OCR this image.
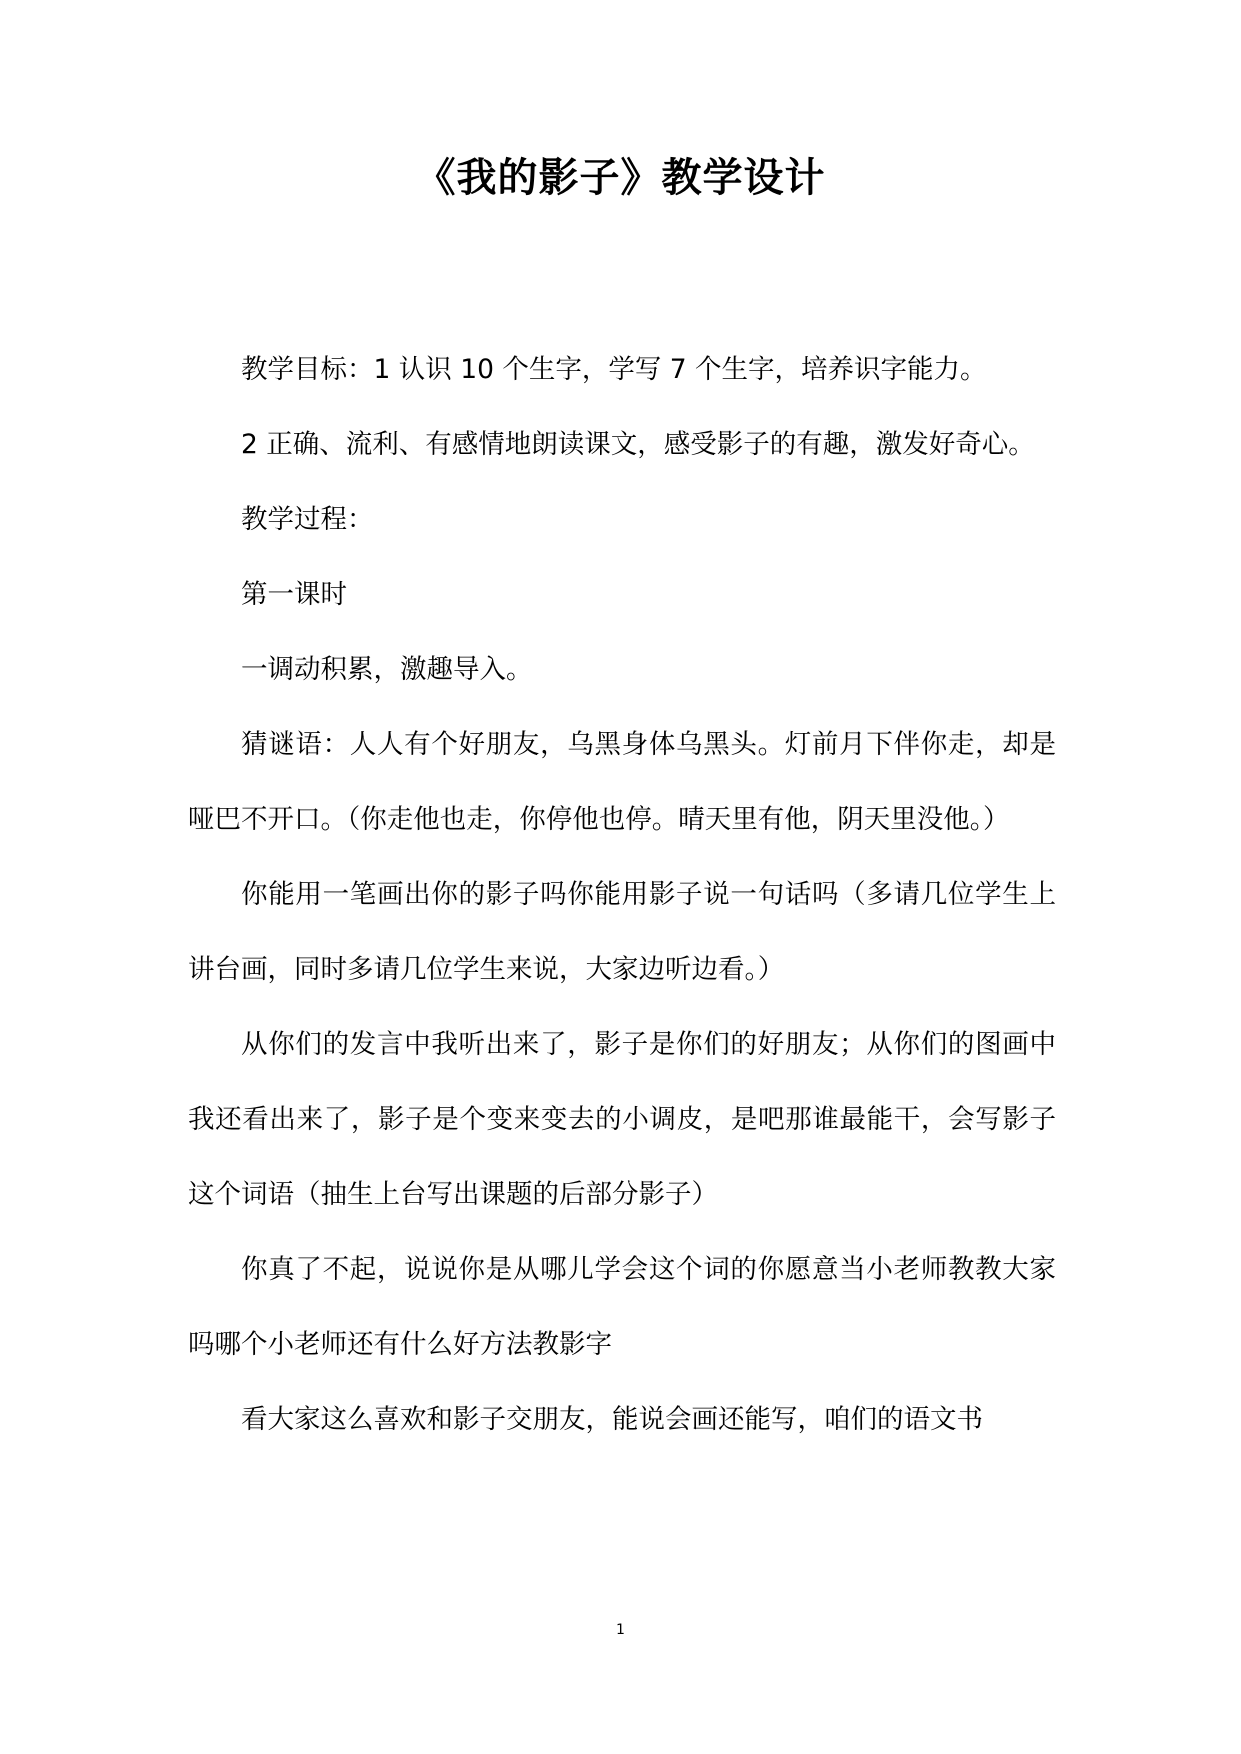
《我的影子》教学设计

教学目标：1 认识 10 个生字，学写 7 个生字，培养识字能力。

2 正确、流利、有感情地朗读课文，感受影子的有趣，激发好奇心。

教学过程：

第一课时

一调动积累，激趣导入。

猜谜语：人人有个好朋友，乌黑身体乌黑头。灯前月下伴你走，却是哑巴不开口。（你走他也走，你停他也停。晴天里有他，阴天里没他。）

你能用一笔画出你的影子吗你能用影子说一句话吗（多请几位学生上讲台画，同时多请几位学生来说，大家边听边看。）

从你们的发言中我听出来了，影子是你们的好朋友；从你们的图画中我还看出来了，影子是个变来变去的小调皮，是吧那谁最能干，会写影子这个词语（抽生上台写出课题的后部分影子）

你真了不起，说说你是从哪儿学会这个词的你愿意当小老师教教大家吗哪个小老师还有什么好方法教影字

看大家这么喜欢和影子交朋友，能说会画还能写，咱们的语文书

1
